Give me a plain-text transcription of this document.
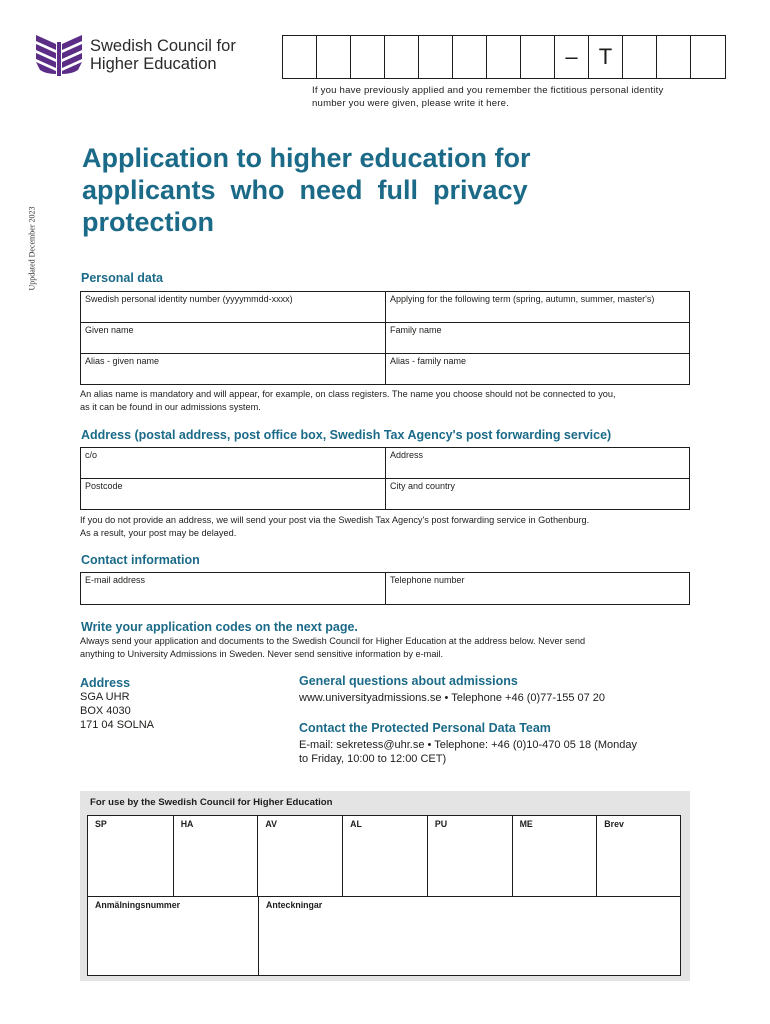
Swedish Council for
Higher Education	– T
If you have previously applied and you remember the fictitious personal identity
number you were given, please write it here.
Uppdated December 2023
Application to higher education for
applicants  who  need  full  privacy
protection
Personal data
Swedish personal identity number (yyyymmdd-xxxx)	Applying for the following term (spring, autumn, summer, master's)
Given name	Family name
Alias - given name	Alias - family name
An alias name is mandatory and will appear, for example, on class registers. The name you choose should not be connected to you,
as it can be found in our admissions system.
Address (postal address, post office box, Swedish Tax Agency's post forwarding service)
c/o	Address
Postcode	City and country
If you do not provide an address, we will send your post via the Swedish Tax Agency's post forwarding service in Gothenburg.
As a result, your post may be delayed.
Contact information
E-mail address	Telephone number
Write your application codes on the next page.
Always send your application and documents to the Swedish Council for Higher Education at the address below. Never send
anything to University Admissions in Sweden. Never send sensitive information by e-mail.
Address
SGA UHR
BOX 4030
171 04 SOLNA
General questions about admissions
www.universityadmissions.se • Telephone +46 (0)77-155 07 20
Contact the Protected Personal Data Team
E-mail: sekretess@uhr.se • Telephone: +46 (0)10-470 05 18 (Monday
to Friday, 10:00 to 12:00 CET)
For use by the Swedish Council for Higher Education
SP	HA	AV	AL	PU	ME	Brev
Anmälningsnummer	Anteckningar
